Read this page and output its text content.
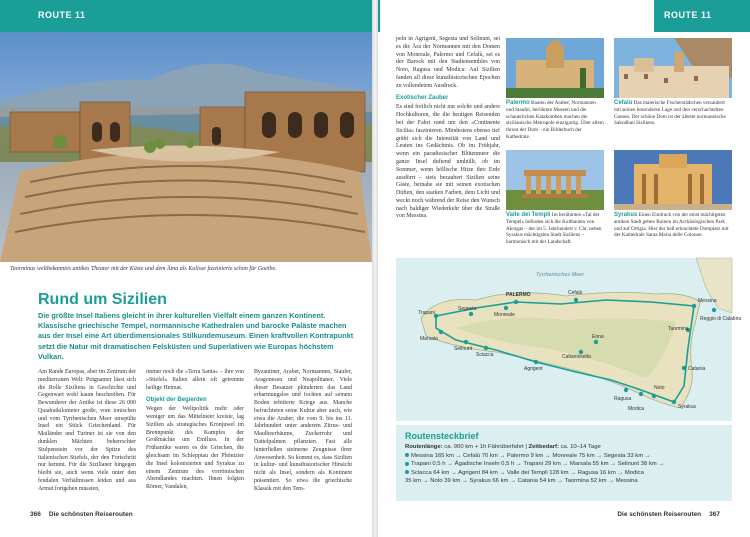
ROUTE 11
Taorminas weltbekanntes antikes Theater mit der Küste und dem Ätna als Kulisse faszinierte schon für Goethe.
Rund um Sizilien
Die größte Insel Italiens gleicht in ihrer kulturellen Vielfalt einem ganzen Kontinent. Klassische griechische Tempel, normannische Kathedralen und barocke Paläste machen aus der Insel eine Art überdimensionales Stilkundemuseum. Einen kraftvollen Kontrapunkt setzt die Natur mit dramatischen Felsküsten und Superlativen wie Europas höchstem Vulkan.

Am Rande Europas, aber im Zentrum der mediterranen Welt: Prägnanter lässt sich die Rolle Siziliens in Geschichte und Gegenwart wohl kaum beschreiben. Für Bewunderer der Antike ist diese 26 000 Quadratkilometer große, vom ionischen und vom Tyrrhenischen Meer umspülte Insel ein Stück Griechenland. Für Mailänder und Turiner ist sie von den dunklen Mächten beherrschter Stulpenstein vor der Spitze des italienischen Stiefels, der den Fortschritt nur hemmt. Für die Sizilianer hingegen bleibt sie, auch wenn viele unter den feudalen Verhältnissen leiden und aus Armut fortgehen mussten,

immer noch die »Terra Santa« – ihre von »Stiefel« Italien allein oft getrennte heilige Heimat.

Objekt der Begierden

Wegen der Weltpolitik mehr oder weniger um das Mittelmeer kreiste, lag Sizilien als strategisches Kronjuwel im Brennpunkt des Kampfes der Großmächte um Einfluss. In der Frühantike waren es die Griechen, die gleichsam im Schlepptau der Phönizier die Insel kolonisierten und Syrakus zu einem Zentrum des vorrömischen Abendlandes machten. Ihnen folgten Römer, Vandalen,

Byzantiner, Araber, Normannen, Staufer, Aragonesen und Neapolitaner. Viele dieser Besatzer plünderten das Land erbarmungslos und fochten auf seinem Boden erbitterte Kriege aus. Manche befruchteten seine Kultur aber auch, wie etwa die Araber, die vom 9. bis ins 11. Jahrhundert unter anderem Zitrus- und Maulbeerbäume, Zuckerrohr und Dattelpalmen pflanzten. Fast alle hinterließen steinerne Zeugnisse ihrer Anwesenheit. So kommt es, dass Sizilien in kultur- und kunsthistorischer Hinsicht nicht als Insel, sondern als Kontinent präsentiert. So etwa die griechische Klassik mit den Tem-

366 Die schönsten Reiserouten
ROUTE 11

peln in Agrigent, Segesta und Selinunt, sei es die Ära der Normannen mit den Domen von Monreale, Palermo und Cefalù, sei es der Barock mit den Stadtensembles von Noto, Ragusa und Modica: Auf Sizilien fanden all diese kunsthistorischen Epochen zu vollendetem Ausdruck.

Exotischer Zauber

Es sind freilich nicht nur solche und andere Hochkulturen, die die heutigen Reisenden bei der Fahrt rund um den »Continente Sicilia« faszinieren. Mindestens ebenso tief gräbt sich die Intensität von Land und Leuten ins Gedächtnis. Ob im Frühjahr, wenn ein paradiesischer Blütenmeer die ganze Insel duftend umhüllt, ob im Sommer, wenn höllische Hitze ihre Erde ausdörrt – stets bezaubert Sizilien seine Gäste, beinahe sie mit seinen exotischen Düften, den starken Farben, dem Licht und weckt noch während der Reise den Wunsch nach baldiger Wiederkehr über die Straße von Messina.

Palermo Bauten der Araber, Normannen und Staufer, berühmte Museen und die schauerlichen Katakomben machen die sizilianische Metropole einzigartig. Über allem thront der Dom – ein Bilderbuch der Kathedrale.
Cefalù Das malerische Fischerstädtchen verzaubert mit seinen besonderen Lage und den verschachtelten Gassen. Der schöne Dom ist der älteste normannische Sakralbau Siziliens.
Valle dei Templi Im berühmten »Tal der Tempel« befinden sich die Kultbauten von Akragas – der im 5. Jahrhundert v. Chr. neben Syrakus mächtigsten Stadt Siziliens – harmonisch mit der Landschaft.
Syrakus Einen Eindruck von der einst mächtigsten antiken Stadt geben Ruinen im Archäologischen Park und auf Ortigia. Hier der hell erleuchtete Domplatz mit der Kathedrale Santa Maria delle Colonne.
Tyrrhenisches Meer
PALERMO
Messina
Catania
Syrakus
Agrigent
Trapani
Marsala
Cefalù
Taormina
Ragusa
Noto
Modica
Sciacca
Selinunt
Segesta
Monreale
Reggio di Calabria
Enna
Caltanissetta
Routensteckbrief
Routenlänge: ca. 900 km + 1h Fährüberfahrt | Zeitbedarf: ca. 10–14 Tage
Messina 165 km → Cefalù 70 km → Palermo 9 km → Monreale 75 km → Segesta 33 km →
Trapani 0,5 h → Ägadische Inseln 0,5 h → Trapani 29 km → Marsala 55 km → Selinunt 38 km →
Sciacca 64 km → Agrigent 84 km → Valle dei Templi 128 km → Ragusa 16 km → Modica
35 km → Noto 39 km → Syrakus 66 km → Catania 54 km → Taormina 52 km → Messina
Die schönsten Reiserouten 367
